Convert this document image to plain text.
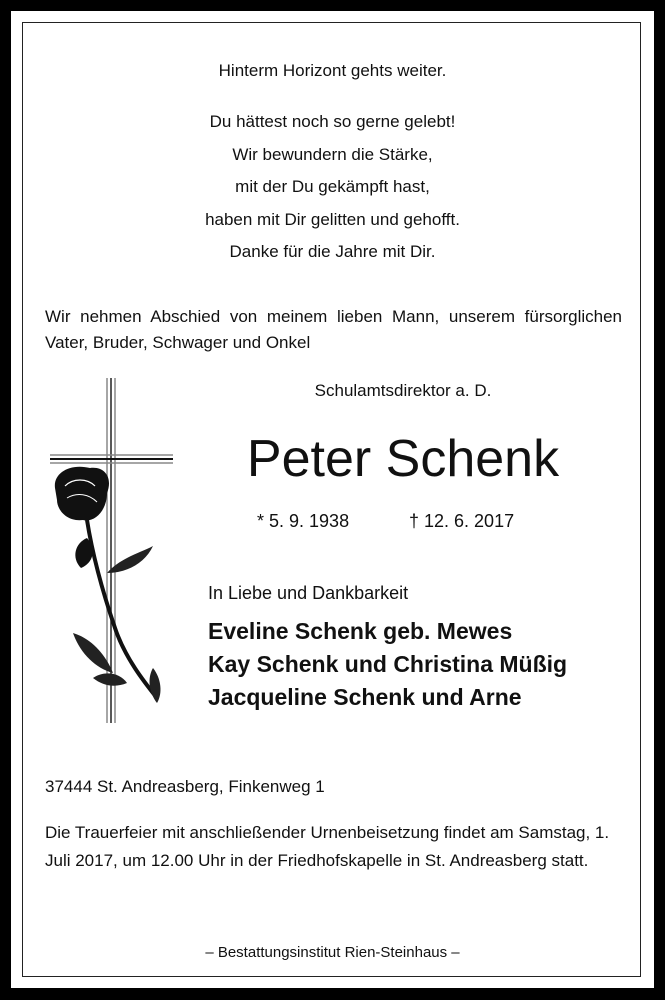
Hinterm Horizont gehts weiter.
Du hättest noch so gerne gelebt!
Wir bewundern die Stärke,
mit der Du gekämpft hast,
haben mit Dir gelitten und gehofft.
Danke für die Jahre mit Dir.
Wir nehmen Abschied von meinem lieben Mann, unserem fürsorglichen Vater, Bruder, Schwager und Onkel
Schulamtsdirektor a. D.
Peter Schenk
* 5. 9. 1938	† 12. 6. 2017
In Liebe und Dankbarkeit
Eveline Schenk geb. Mewes
Kay Schenk und Christina Müßig
Jacqueline Schenk und Arne
37444 St. Andreasberg, Finkenweg 1
Die Trauerfeier mit anschließender Urnenbeisetzung findet am Samstag, 1. Juli 2017, um 12.00 Uhr in der Friedhofskapelle in St. Andreasberg statt.
– Bestattungsinstitut Rien-Steinhaus –
